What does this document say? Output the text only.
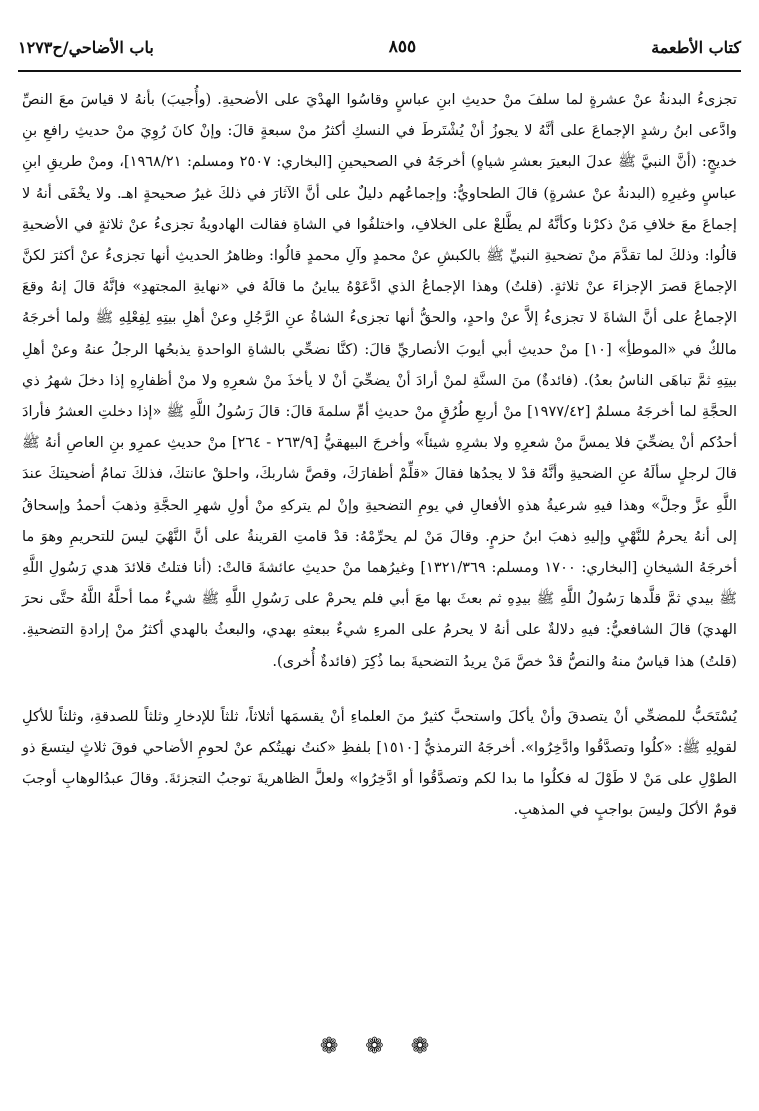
كتاب الأطعمة
٨٥٥
باب الأضاحي/ح١٢٧٣

تجزىءُ البدنةُ عنْ عشرةٍ لما سلفَ منْ حديثِ ابنِ عباسٍ وقاسُوا الهدْيَ على الأضحيةِ. (وأُجيبَ) بأنهُ لا قياسَ معَ النصِّ وادَّعى ابنُ رشدٍ الإجماعَ على أنَّهُ لا يجوزُ أنْ يُشْتَرطَ في النسكِ أكثرُ منْ سبعةٍ قالَ: وإنْ كانَ رُوِيَ منْ حديثِ رافعِ بنِ خديجٍ: (أنَّ النبيَّ ﷺ عدلَ البعيرَ بعشرِ شياهٍ) أخرجَهُ في الصحيحينِ [البخاري: ٢٥٠٧ ومسلم: ١٩٦٨/٢١]، ومنْ طريقِ ابنِ عباسٍ وغيرِهِ (البدنةُ عنْ عشرةٍ) قالَ الطحاويُّ: وإجماعُهم دليلٌ على أنَّ الآثارَ في ذلكَ غيرُ صحيحةٍ اهـ. ولا يخْفَى أنهُ لا إجماعَ معَ خلافِ مَنْ ذكرْنا وكأنَّهُ لم يطَّلعْ على الخلافِ، واختلفُوا في الشاةِ فقالت الهادويةُ تجزىءُ عنْ ثلاثةٍ في الأضحيةِ قالُوا: وذلكَ لما تقدَّمَ منْ تضحيةِ النبيِّ ﷺ بالكبشِ عنْ محمدٍ وآلِ محمدٍ قالُوا: وظاهرُ الحديثِ أنها تجزىءُ عنْ أكثرَ لكنَّ الإجماعَ قصرَ الإجزاءَ عنْ ثلاثةٍ. (قلتُ) وهذا الإجماعُ الذي ادَّعَوْهُ يباينُ ما قالَهُ في «نهايةِ المجتهدِ» فإنَّهُ قالَ إنهُ وقعَ الإجماعُ على أنَّ الشاةَ لا تجزىءُ إلاَّ عنْ واحدٍ، والحقُّ أنها تجزىءُ الشاةُ عنِ الرَّجُلِ وعنْ أهلِ بيتِهِ لِفِعْلِهِ ﷺ ولما أخرجَهُ مالكٌ في «الموطأِ» [١٠] منْ حديثِ أبي أيوبَ الأنصاريِّ قالَ: (كنَّا نضحِّي بالشاةِ الواحدةِ يذبحُها الرجلُ عنهُ وعنْ أهلِ بيتِهِ ثمَّ تباهَى الناسُ بعدُ). (فائدةٌ) منَ السنَّةِ لمنْ أرادَ أنْ يضحِّيَ أنْ لا يأخذَ منْ شعرِهِ ولا منْ أظفارِهِ إذا دخلَ شهرُ ذي الحجَّةِ لما أخرجَهُ مسلمٌ [١٩٧٧/٤٢] منْ أربعِ طُرُقٍ منْ حديثِ أمِّ سلمةَ قالَ: قالَ رَسُولُ اللَّهِ ﷺ «إذا دخلتِ العشرُ فأرادَ أحدُكم أنْ يضحِّيَ فلا يمسَّ منْ شعرِهِ ولا بشرِهِ شيئاً» وأخرجَ البيهقيُّ [٢٦٣/٩ - ٢٦٤] منْ حديثِ عمرِو بنِ العاصِ أنهُ ﷺ قالَ لرجلٍ سألَهُ عنِ الضحيةِ وأنَّهُ قدْ لا يجدُها فقالَ «قلِّمْ أظفارَكَ، وقصَّ شاربكَ، واحلقْ عانتكَ، فذلكَ تمامُ أضحيتكَ عندَ اللَّهِ عزَّ وجلَّ» وهذا فيهِ شرعيةُ هذهِ الأفعالِ في يومِ التضحيةِ وإنْ لم يتركهِ منْ أولِ شهرِ الحجَّةِ وذهبَ أحمدُ وإسحاقُ إلى أنهُ يحرمُ للنَّهْيِ وإليهِ ذهبَ ابنُ حزمٍ. وقالَ مَنْ لم يحرِّمْهُ: قدْ قامتِ القرينةُ على أنَّ النَّهْيَ ليسَ للتحريمِ وهوَ ما أخرجَهُ الشيخانِ [البخاري: ١٧٠٠ ومسلم: ١٣٢١/٣٦٩] وغيرُهما منْ حديثِ عائشةَ قالتْ: (أنا فتلتُ قلائدَ هدي رَسُولِ اللَّهِ ﷺ بيدي ثمَّ قلَّدها رَسُولُ اللَّهِ ﷺ بيدِهِ ثم بعثَ بها معَ أبي فلم يحرمْ على رَسُولِ اللَّهِ ﷺ شيءٌ مما أحلَّهُ اللَّهُ حتَّى نحرَ الهديَ) قالَ الشافعيُّ: فيهِ دلالةٌ على أنهُ لا يحرمُ على المرءِ شيءٌ ببعثهِ بهدي، والبعثُ بالهدي أكثرُ منْ إرادةِ التضحيةِ. (قلتُ) هذا قياسٌ منهُ والنصُّ قدْ خصَّ مَنْ يريدُ التضحيةَ بما ذُكِرَ (فائدةٌ أُخرى).

يُسْتَحَبُّ للمضحِّي أنْ يتصدقَ وأنْ يأكلَ واستحبَّ كثيرٌ منَ العلماءِ أنْ يقسمَها أثلاثاً، ثلثاً للإدخارِ وثلثاً للصدقةِ، وثلثاً للأكلِ لقولِهِ ﷺ: «كلُوا وتصدَّقُوا وادَّخِرُوا». أخرجَهُ الترمذيُّ [١٥١٠] بلفظِ «كنتُ نهيتُكم عنْ لحومِ الأضاحي فوقَ ثلاثٍ ليتسعَ ذو الطوْلِ على مَنْ لا طَوْلَ له فكلُوا ما بدا لكم وتصدَّقُوا أو ادَّخِرُوا» ولعلَّ الظاهريةَ توجبُ التجزئةَ. وقالَ عبدُالوهابِ أوجبَ قومٌ الأكلَ وليسَ بواجبٍ في المذهبِ.

❁ ❁ ❁
